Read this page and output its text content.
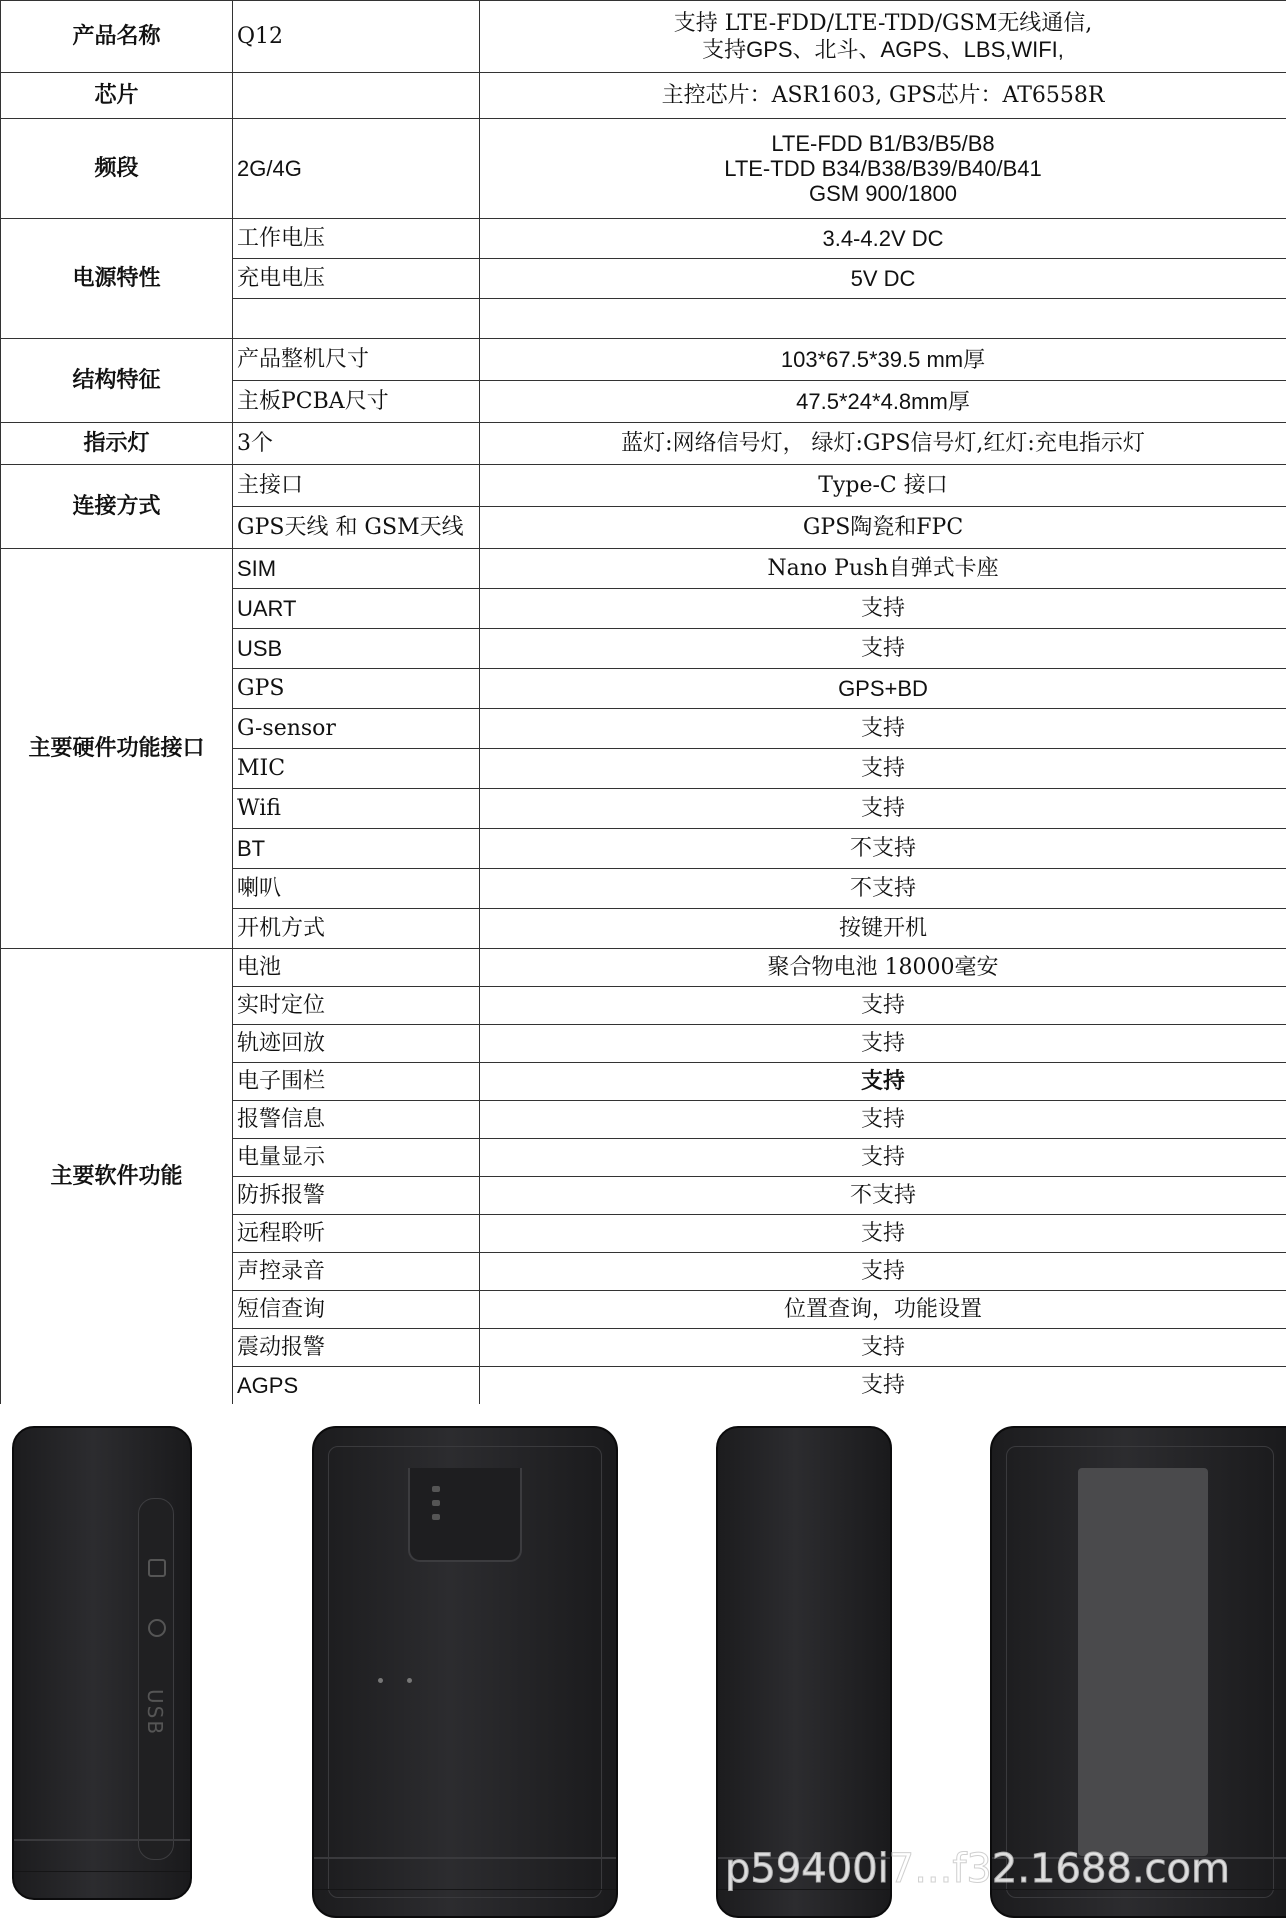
产品名称	Q12	支持 LTE-FDD/LTE-TDD/GSM无线通信,
支持GPS、北斗、AGPS、LBS,WIFI,

芯片		主控芯片：ASR1603, GPS芯片：AT6558R
频段	2G/4G	LTE-FDD B1/B3/B5/B8
LTE-TDD B34/B38/B39/B40/B41
GSM 900/1800

电源特性	工作电压	3.4-4.2V DC
	充电电压	5V DC

结构特征	产品整机尺寸	103*67.5*39.5 mm厚
	主板PCBA尺寸	47.5*24*4.8mm厚
指示灯	3个	蓝灯:网络信号灯， 绿灯:GPS信号灯,红灯:充电指示灯
连接方式	主接口	Type-C 接口
	GPS天线 和 GSM天线	GPS陶瓷和FPC
主要硬件功能接口	SIM	Nano Push自弹式卡座
	UART	支持
	USB	支持
	GPS	GPS+BD
	G-sensor	支持
	MIC	支持
	Wifi	支持
	BT	不支持
	喇叭	不支持
	开机方式	按键开机
主要软件功能	电池	聚合物电池 18000毫安
	实时定位	支持
	轨迹回放	支持
	电子围栏	支持
	报警信息	支持
	电量显示	支持
	防拆报警	不支持
	远程聆听	支持
	声控录音	支持
	短信查询	位置查询，功能设置
	震动报警	支持
	AGPS	支持
USB
p59400i7...f32.1688.com
